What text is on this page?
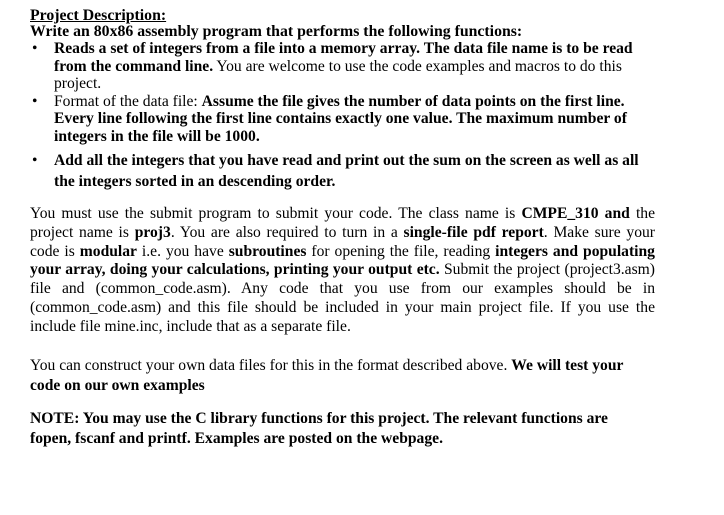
Project Description:
Write an 80x86 assembly program that performs the following functions:
• Reads a set of integers from a file into a memory array. The data file name is to be read from the command line. You are welcome to use the code examples and macros to do this project.
• Format of the data file: Assume the file gives the number of data points on the first line. Every line following the first line contains exactly one value. The maximum number of integers in the file will be 1000.
• Add all the integers that you have read and print out the sum on the screen as well as all the integers sorted in an descending order.

You must use the submit program to submit your code. The class name is CMPE_310 and the project name is proj3. You are also required to turn in a single-file pdf report. Make sure your code is modular i.e. you have subroutines for opening the file, reading integers and populating your array, doing your calculations, printing your output etc. Submit the project (project3.asm) file and (common_code.asm). Any code that you use from our examples should be in (common_code.asm) and this file should be included in your main project file. If you use the include file mine.inc, include that as a separate file.

You can construct your own data files for this in the format described above. We will test your code on our own examples

NOTE: You may use the C library functions for this project. The relevant functions are fopen, fscanf and printf. Examples are posted on the webpage.
